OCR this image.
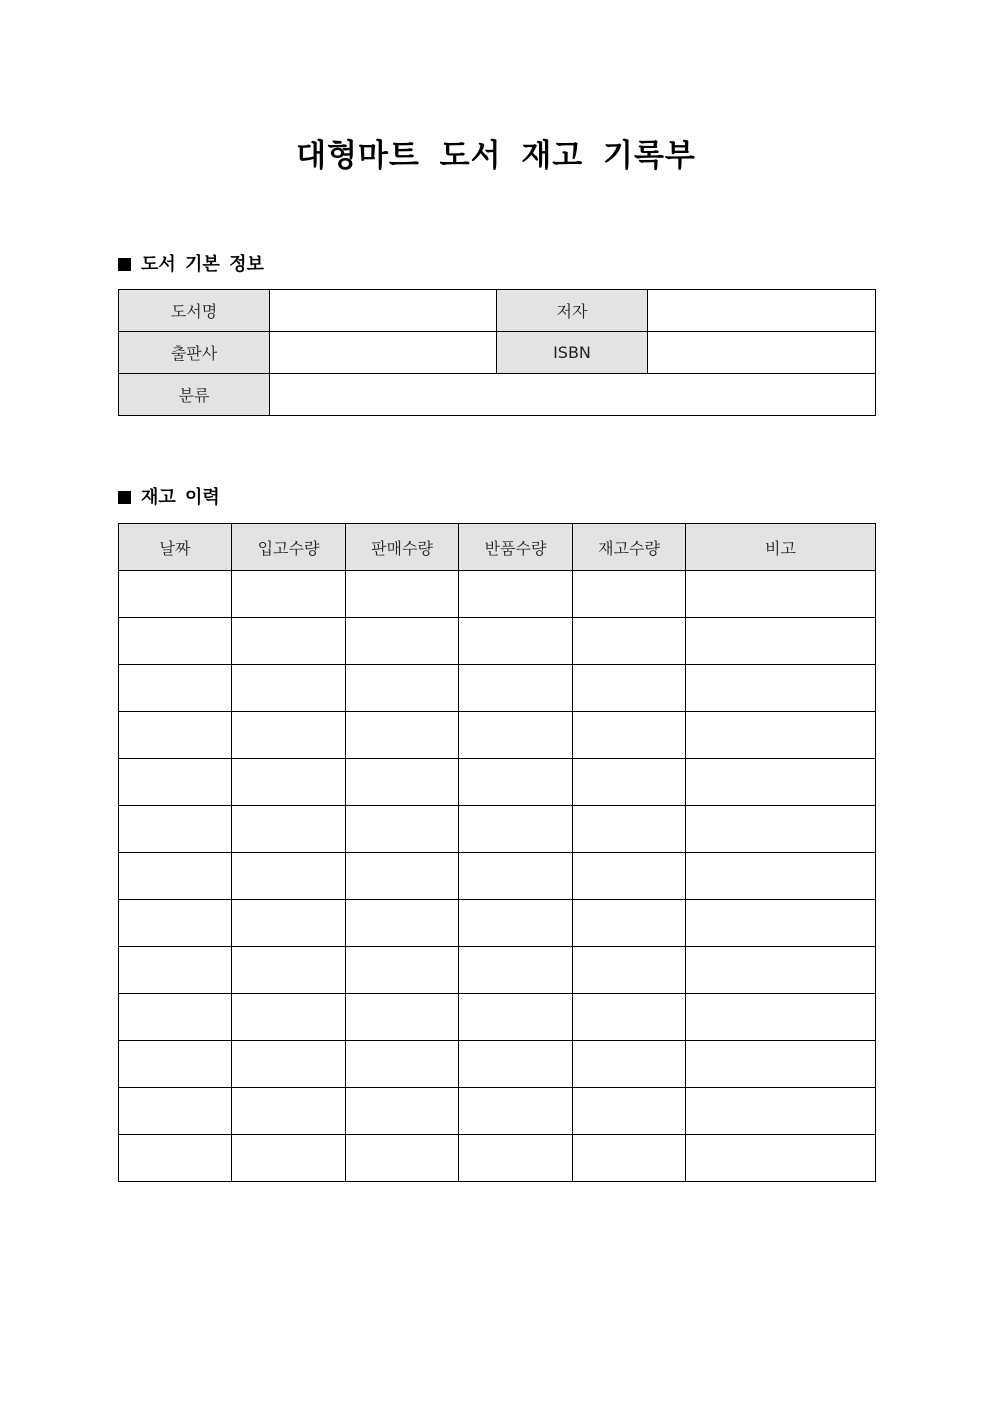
대형마트 도서 재고 기록부
도서 기본 정보
도서명		저자	
출판사		ISBN	
분류			
재고 이력
날짜	입고수량	판매수량	반품수량	재고수량	비고
